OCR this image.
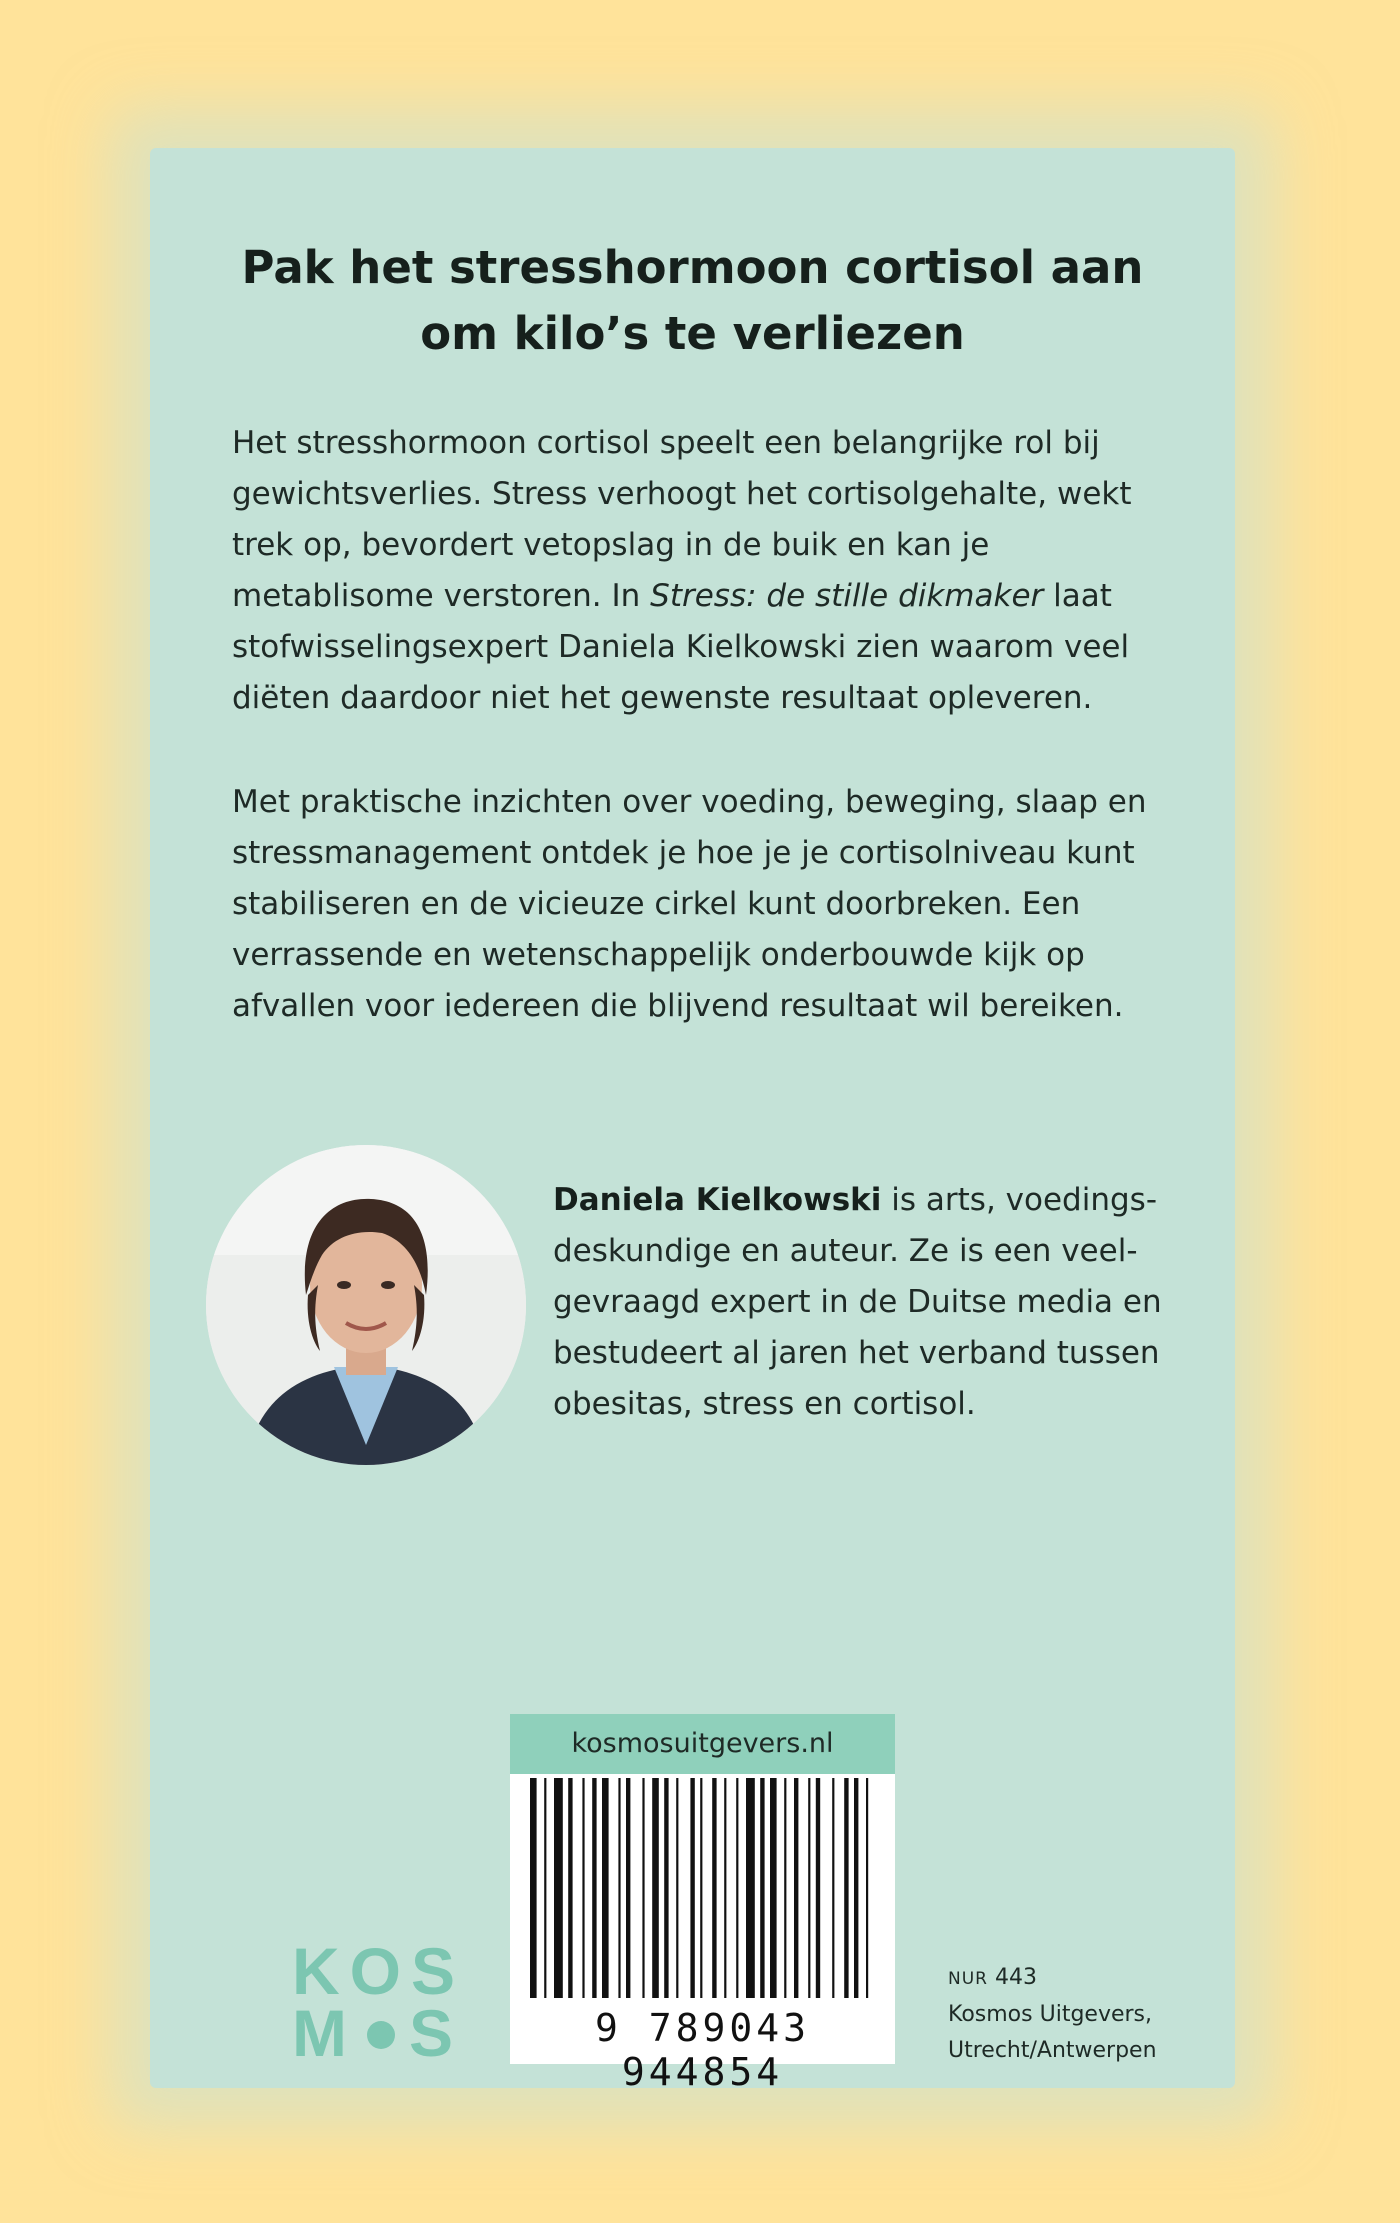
Pak het stresshormoon cortisol aan
om kilo’s te verliezen

Het stresshormoon cortisol speelt een belangrijke rol bij gewichtsverlies. Stress verhoogt het cortisolgehalte, wekt trek op, bevordert vetopslag in de buik en kan je metablisome verstoren. In Stress: de stille dikmaker laat stofwisselingsexpert Daniela Kielkowski zien waarom veel diëten daardoor niet het gewenste resultaat opleveren.

Met praktische inzichten over voeding, beweging, slaap en stressmanagement ontdek je hoe je je cortisolniveau kunt stabiliseren en de vicieuze cirkel kunt doorbreken. Een verrassende en wetenschappelijk onderbouwde kijk op afvallen voor iedereen die blijvend resultaat wil bereiken.

Daniela Kielkowski is arts, voedingsdeskundige en auteur. Ze is een veelgevraagd expert in de Duitse media en bestudeert al jaren het verband tussen obesitas, stress en cortisol.

kosmosuitgevers.nl
9 789043 944854
KOS
M S
NUR 443
Kosmos Uitgevers,
Utrecht/Antwerpen
